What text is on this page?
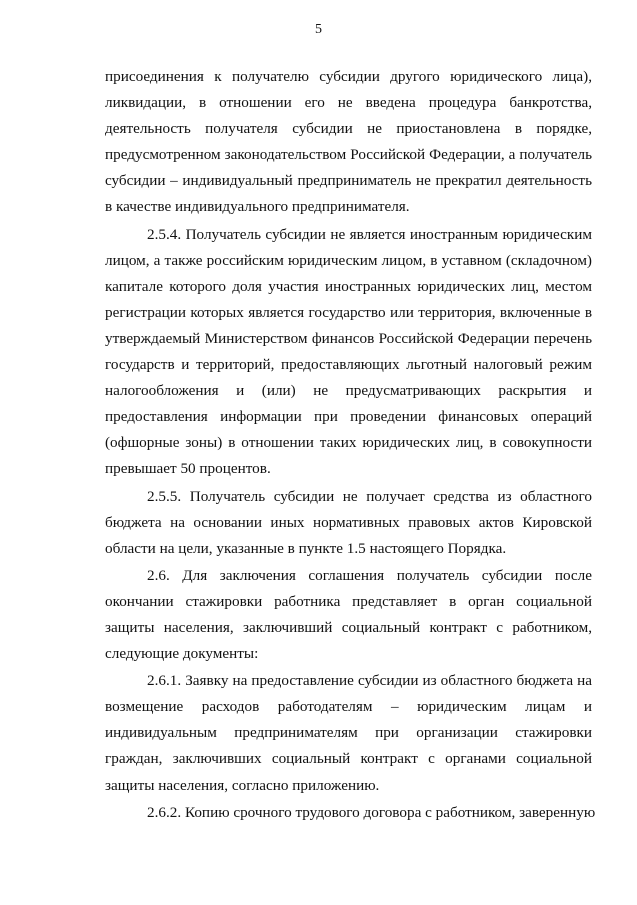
5
присоединения к получателю субсидии другого юридического лица),
ликвидации, в отношении его не введена процедура банкротства,
деятельность получателя субсидии не приостановлена в порядке,
предусмотренном законодательством Российской Федерации, а получатель
субсидии – индивидуальный предприниматель не прекратил деятельность
в качестве индивидуального предпринимателя.
2.5.4. Получатель субсидии не является иностранным юридическим
лицом, а также российским юридическим лицом, в уставном (складочном)
капитале которого доля участия иностранных юридических лиц, местом
регистрации которых является государство или территория, включенные в
утверждаемый Министерством финансов Российской Федерации перечень
государств и территорий, предоставляющих льготный налоговый режим
налогообложения и (или) не предусматривающих раскрытия и
предоставления информации при проведении финансовых операций
(офшорные зоны) в отношении таких юридических лиц, в совокупности
превышает 50 процентов.
2.5.5. Получатель субсидии не получает средства из областного
бюджета на основании иных нормативных правовых актов Кировской
области на цели, указанные в пункте 1.5 настоящего Порядка.
2.6. Для заключения соглашения получатель субсидии после
окончании стажировки работника представляет в орган социальной
защиты населения, заключивший социальный контракт с работником,
следующие документы:
2.6.1. Заявку на предоставление субсидии из областного бюджета на
возмещение расходов работодателям – юридическим лицам и
индивидуальным предпринимателям при организации стажировки
граждан, заключивших социальный контракт с органами социальной
защиты населения, согласно приложению.
2.6.2. Копию срочного трудового договора с работником, заверенную
